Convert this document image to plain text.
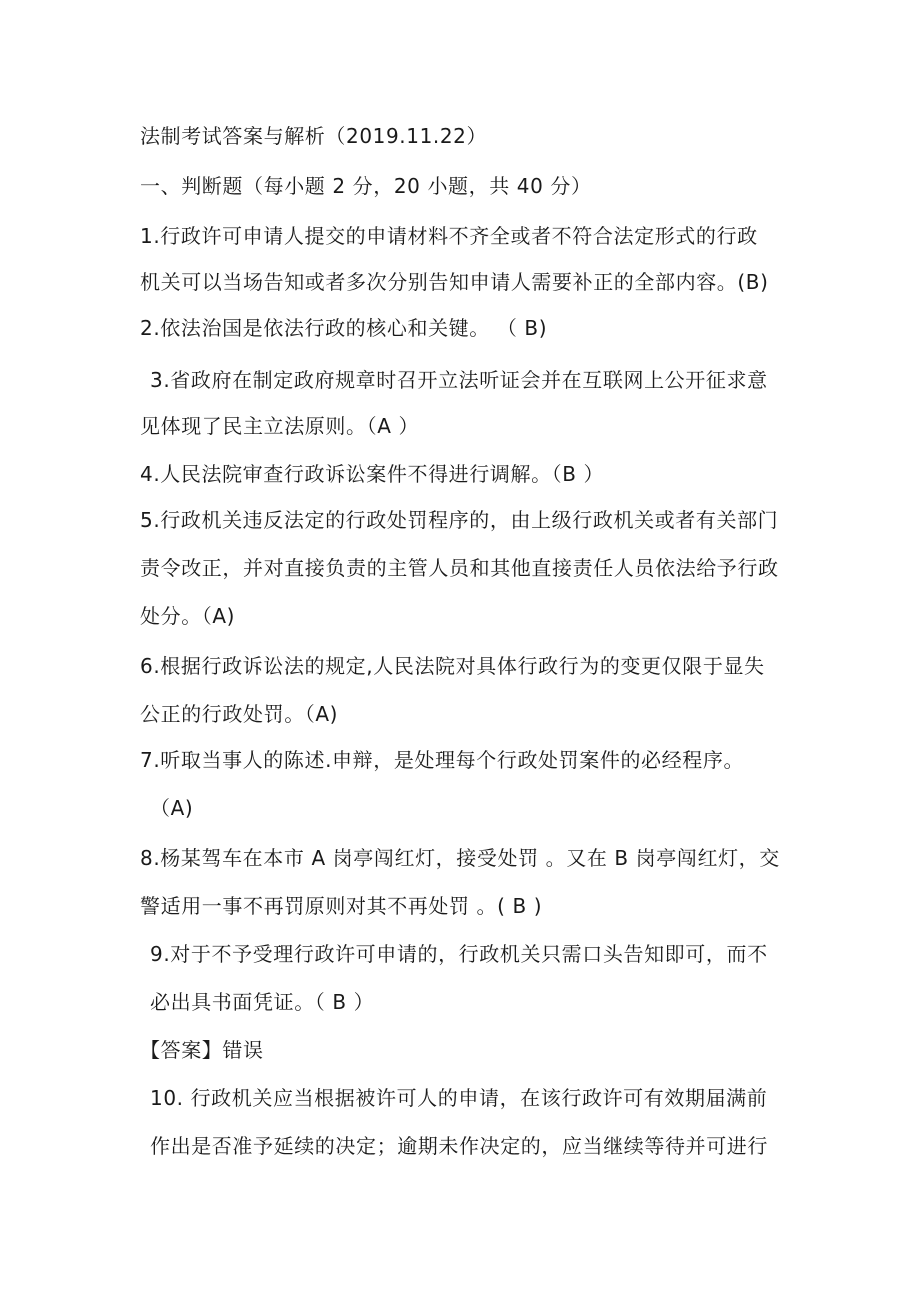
法制考试答案与解析（2019.11.22）
一、判断题（每小题 2 分，20 小题，共 40 分）
1.行政许可申请人提交的申请材料不齐全或者不符合法定形式的行政
机关可以当场告知或者多次分别告知申请人需要补正的全部内容。(B)
2.依法治国是依法行政的核心和关键。 （ B)
3.省政府在制定政府规章时召开立法听证会并在互联网上公开征求意
见体现了民主立法原则。（A ）
4.人民法院审查行政诉讼案件不得进行调解。（B ）
5.行政机关违反法定的行政处罚程序的，由上级行政机关或者有关部门
责令改正，并对直接负责的主管人员和其他直接责任人员依法给予行政
处分。（A)
6.根据行政诉讼法的规定,人民法院对具体行政行为的变更仅限于显失
公正的行政处罚。（A)
7.听取当事人的陈述.申辩，是处理每个行政处罚案件的必经程序。
（A)
8.杨某驾车在本市 A 岗亭闯红灯，接受处罚 。又在 B 岗亭闯红灯，交
警适用一事不再罚原则对其不再处罚 。( B )
9.对于不予受理行政许可申请的，行政机关只需口头告知即可，而不
必出具书面凭证。（ B ）
【答案】错误
10. 行政机关应当根据被许可人的申请，在该行政许可有效期届满前
作出是否准予延续的决定；逾期未作决定的，应当继续等待并可进行
